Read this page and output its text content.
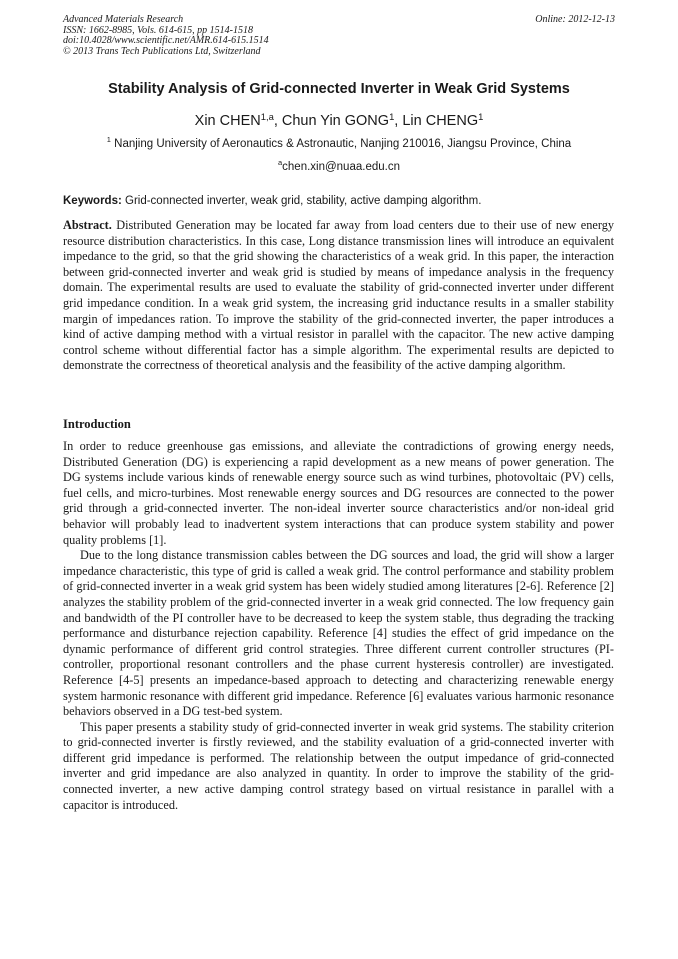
Advanced Materials Research
ISSN: 1662-8985, Vols. 614-615, pp 1514-1518
doi:10.4028/www.scientific.net/AMR.614-615.1514
© 2013 Trans Tech Publications Ltd, Switzerland
Online: 2012-12-13
Stability Analysis of Grid-connected Inverter in Weak Grid Systems
Xin CHEN$^{1,a}$, Chun Yin GONG$^1$, Lin CHENG$^1$
$^1$ Nanjing University of Aeronautics & Astronautic, Nanjing 210016, Jiangsu Province, China
$^a$chen.xin@nuaa.edu.cn
Keywords: Grid-connected inverter, weak grid, stability, active damping algorithm.

Abstract. Distributed Generation may be located far away from load centers due to their use of new energy resource distribution characteristics. In this case, Long distance transmission lines will introduce an equivalent impedance to the grid, so that the grid showing the characteristics of a weak grid. In this paper, the interaction between grid-connected inverter and weak grid is studied by means of impedance analysis in the frequency domain. The experimental results are used to evaluate the stability of grid-connected inverter under different grid impedance condition. In a weak grid system, the increasing grid inductance results in a smaller stability margin of impedances ration. To improve the stability of the grid-connected inverter, the paper introduces a kind of active damping method with a virtual resistor in parallel with the capacitor. The new active damping control scheme without differential factor has a simple algorithm. The experimental results are depicted to demonstrate the correctness of theoretical analysis and the feasibility of the active damping algorithm.

Introduction

In order to reduce greenhouse gas emissions, and alleviate the contradictions of growing energy needs, Distributed Generation (DG) is experiencing a rapid development as a new means of power generation. The DG systems include various kinds of renewable energy source such as wind turbines, photovoltaic (PV) cells, fuel cells, and micro-turbines. Most renewable energy sources and DG resources are connected to the power grid through a grid-connected inverter. The non-ideal inverter source characteristics and/or non-ideal grid behavior will probably lead to inadvertent system interactions that can produce system stability and power quality problems [1].

Due to the long distance transmission cables between the DG sources and load, the grid will show a larger impedance characteristic, this type of grid is called a weak grid. The control performance and stability problem of grid-connected inverter in a weak grid system has been widely studied among literatures [2-6]. Reference [2] analyzes the stability problem of the grid-connected inverter in a weak grid connected. The low frequency gain and bandwidth of the PI controller have to be decreased to keep the system stable, thus degrading the tracking performance and disturbance rejection capability. Reference [4] studies the effect of grid impedance on the dynamic performance of different grid control strategies. Three different current controller structures (PI-controller, proportional resonant controllers and the phase current hysteresis controller) are investigated. Reference [4-5] presents an impedance-based approach to detecting and characterizing renewable energy system harmonic resonance with different grid impedance. Reference [6] evaluates various harmonic resonance behaviors observed in a DG test-bed system.

This paper presents a stability study of grid-connected inverter in weak grid systems. The stability criterion to grid-connected inverter is firstly reviewed, and the stability evaluation of a grid-connected inverter with different grid impedance is performed. The relationship between the output impedance of grid-connected inverter and grid impedance are also analyzed in quantity. In order to improve the stability of the grid-connected inverter, a new active damping control strategy based on virtual resistance in parallel with a capacitor is introduced.
